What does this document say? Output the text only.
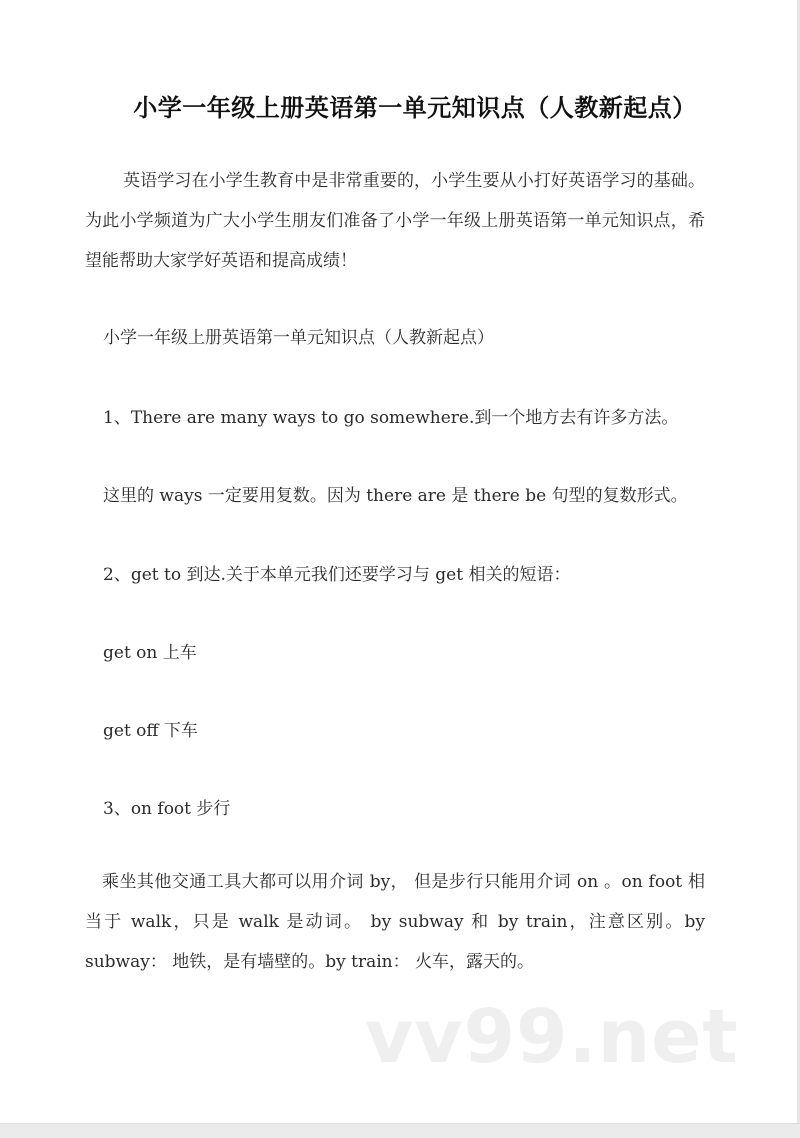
小学一年级上册英语第一单元知识点（人教新起点）
英语学习在小学生教育中是非常重要的，小学生要从小打好英语学习的基础。为此小学频道为广大小学生朋友们准备了小学一年级上册英语第一单元知识点，希望能帮助大家学好英语和提高成绩！
小学一年级上册英语第一单元知识点（人教新起点）
1、There are many ways to go somewhere.到一个地方去有许多方法。
这里的 ways 一定要用复数。因为 there are 是 there be 句型的复数形式。
2、get to 到达.关于本单元我们还要学习与 get 相关的短语：
get on 上车
get off 下车
3、on foot 步行
乘坐其他交通工具大都可以用介词 by， 但是步行只能用介词 on 。on foot 相当于 walk，只是 walk 是动词。 by subway 和 by train，注意区别。by subway： 地铁，是有墙壁的。by train： 火车，露天的。
vv99.net
